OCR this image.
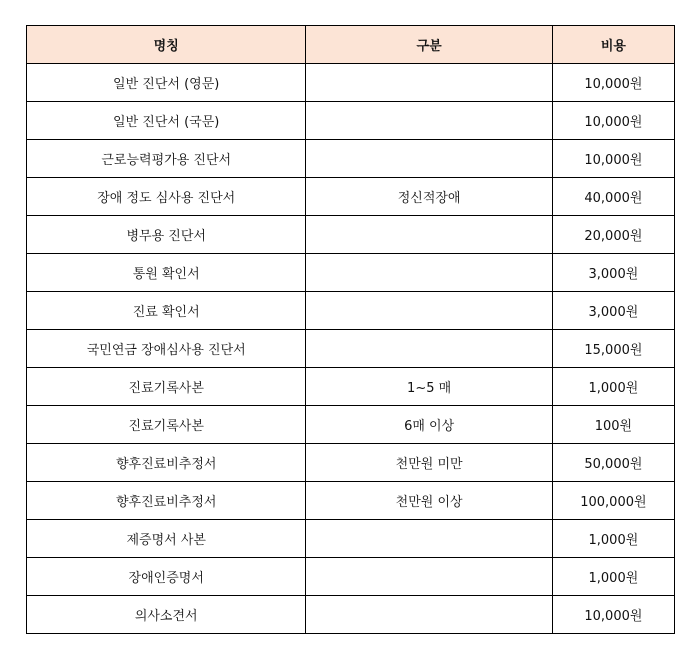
명칭	구분	비용
일반 진단서 (영문)		10,000원
일반 진단서 (국문)		10,000원
근로능력평가용 진단서		10,000원
장애 정도 심사용 진단서	정신적장애	40,000원
병무용 진단서		20,000원
통원 확인서		3,000원
진료 확인서		3,000원
국민연금 장애심사용 진단서		15,000원
진료기록사본	1~5 매	1,000원
진료기록사본	6매 이상	100원
향후진료비추정서	천만원 미만	50,000원
향후진료비추정서	천만원 이상	100,000원
제증명서 사본		1,000원
장애인증명서		1,000원
의사소견서		10,000원
